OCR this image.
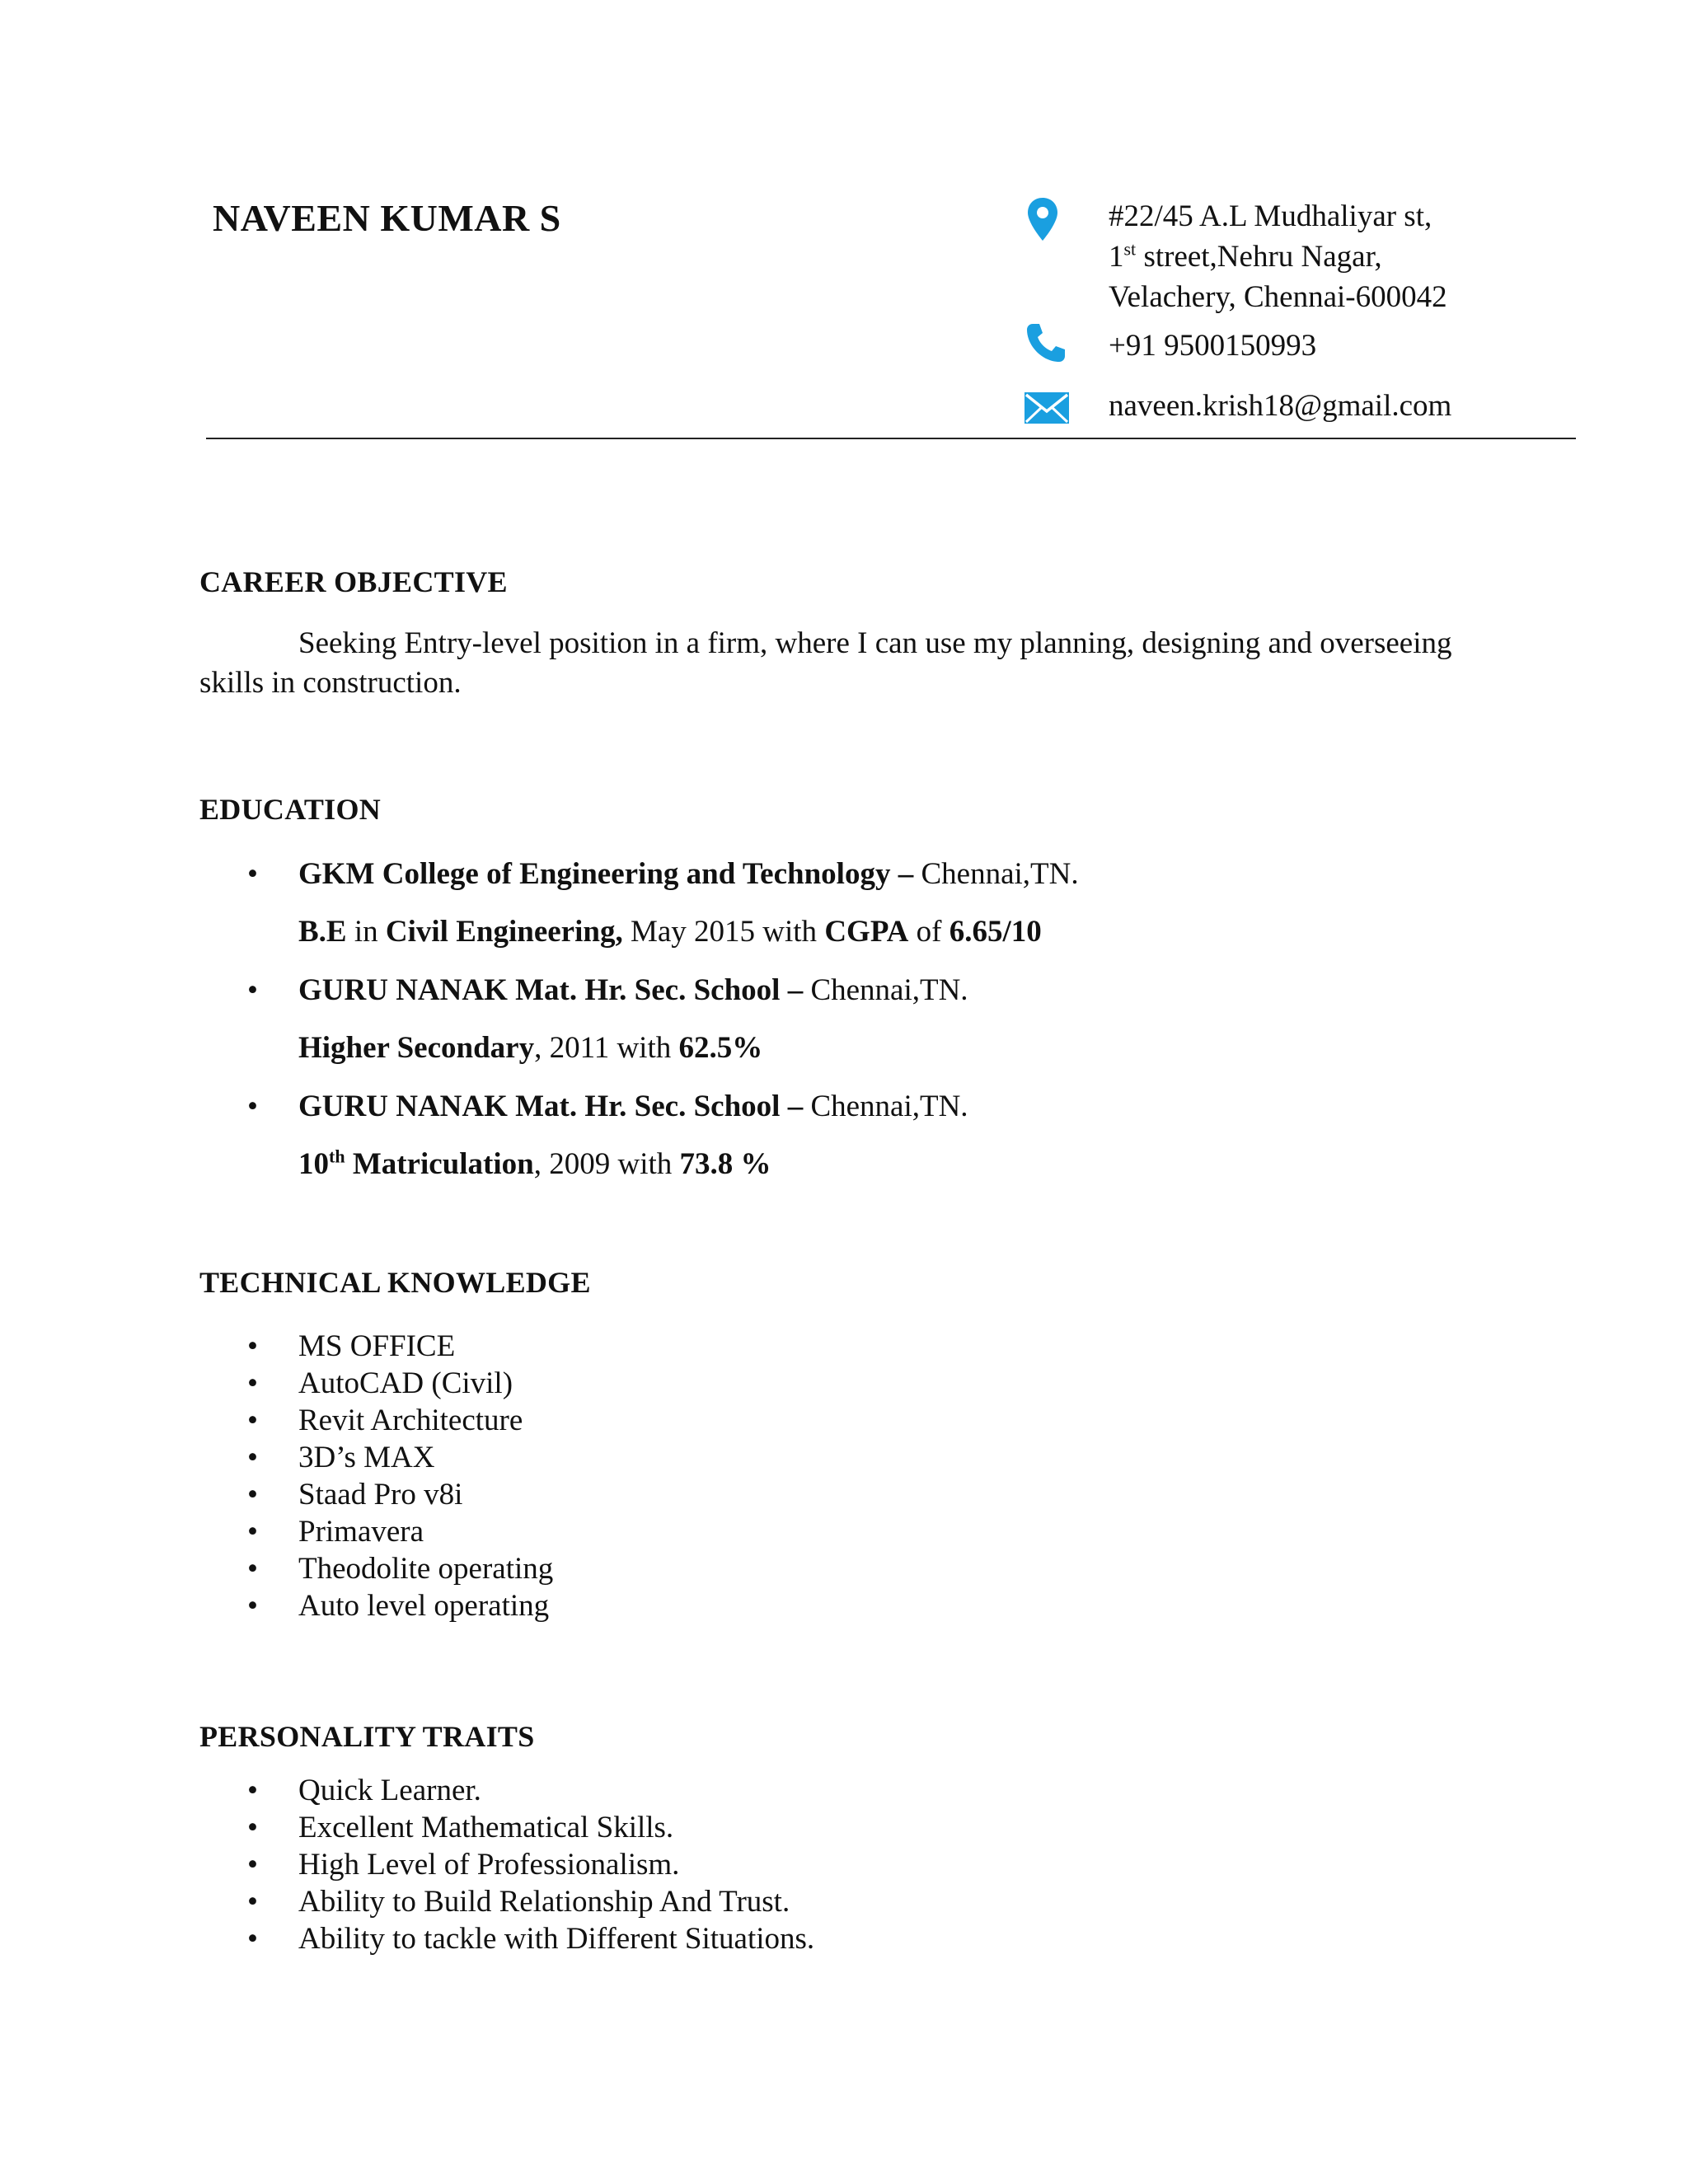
NAVEEN KUMAR S	#22/45 A.L Mudhaliyar st,
1st street,Nehru Nagar,
Velachery, Chennai-600042
+91 9500150993
naveen.krish18@gmail.com
CAREER OBJECTIVE
Seeking Entry-level position in a firm, where I can use my planning, designing and overseeing skills in construction.
EDUCATION
• GKM College of Engineering and Technology – Chennai,TN.
B.E in Civil Engineering, May 2015 with CGPA of 6.65/10
• GURU NANAK Mat. Hr. Sec. School – Chennai,TN.
Higher Secondary, 2011 with 62.5%
• GURU NANAK Mat. Hr. Sec. School – Chennai,TN.
10th Matriculation, 2009 with 73.8 %
TECHNICAL KNOWLEDGE
• MS OFFICE
• AutoCAD (Civil)
• Revit Architecture
• 3D’s MAX
• Staad Pro v8i
• Primavera
• Theodolite operating
• Auto level operating
PERSONALITY TRAITS
• Quick Learner.
• Excellent Mathematical Skills.
• High Level of Professionalism.
• Ability to Build Relationship And Trust.
• Ability to tackle with Different Situations.
